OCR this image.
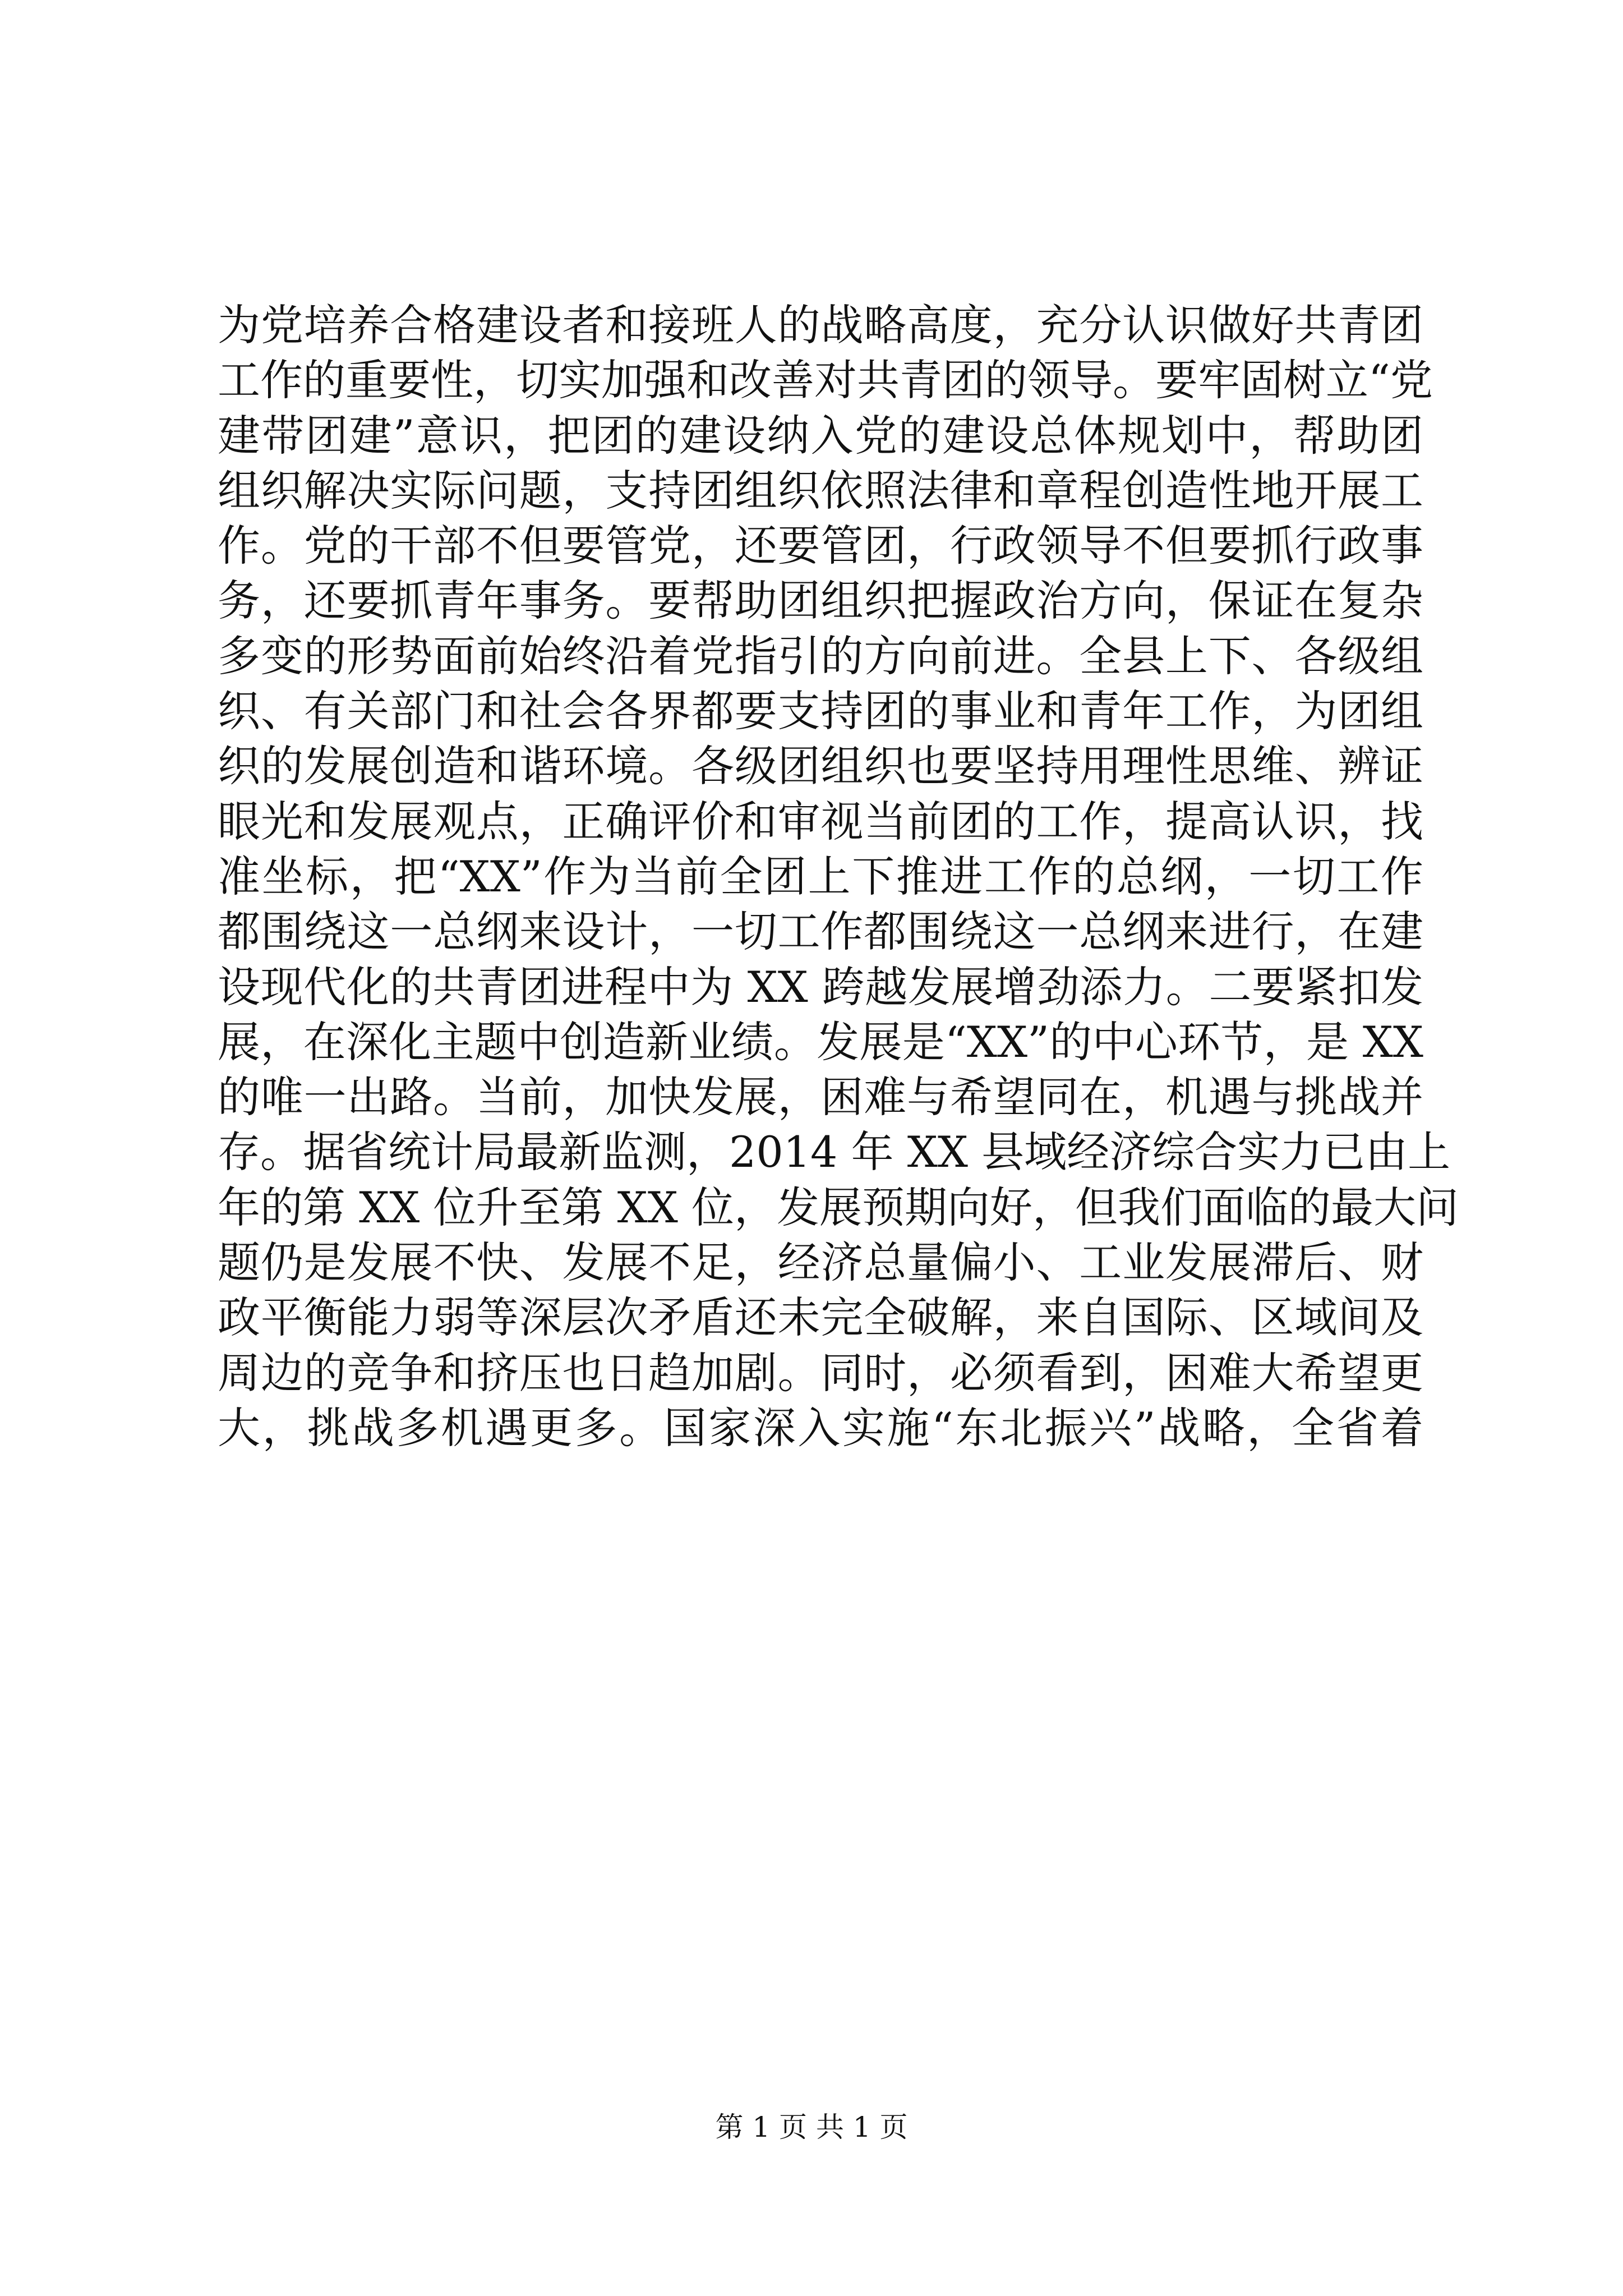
为党培养合格建设者和接班人的战略高度，充分认识做好共青团
工作的重要性，切实加强和改善对共青团的领导。要牢固树立“党
建带团建”意识，把团的建设纳入党的建设总体规划中，帮助团
组织解决实际问题，支持团组织依照法律和章程创造性地开展工
作。党的干部不但要管党，还要管团，行政领导不但要抓行政事
务，还要抓青年事务。要帮助团组织把握政治方向，保证在复杂
多变的形势面前始终沿着党指引的方向前进。全县上下、各级组
织、有关部门和社会各界都要支持团的事业和青年工作，为团组
织的发展创造和谐环境。各级团组织也要坚持用理性思维、辨证
眼光和发展观点，正确评价和审视当前团的工作，提高认识，找
准坐标，把“XX”作为当前全团上下推进工作的总纲，一切工作
都围绕这一总纲来设计，一切工作都围绕这一总纲来进行，在建
设现代化的共青团进程中为 XX 跨越发展增劲添力。二要紧扣发
展，在深化主题中创造新业绩。发展是“XX”的中心环节，是 XX
的唯一出路。当前，加快发展，困难与希望同在，机遇与挑战并
存。据省统计局最新监测，2014 年 XX 县域经济综合实力已由上
年的第 XX 位升至第 XX 位，发展预期向好，但我们面临的最大问
题仍是发展不快、发展不足，经济总量偏小、工业发展滞后、财
政平衡能力弱等深层次矛盾还未完全破解，来自国际、区域间及
周边的竞争和挤压也日趋加剧。同时，必须看到，困难大希望更
大，挑战多机遇更多。国家深入实施“东北振兴”战略，全省着
第 1 页 共 1 页
